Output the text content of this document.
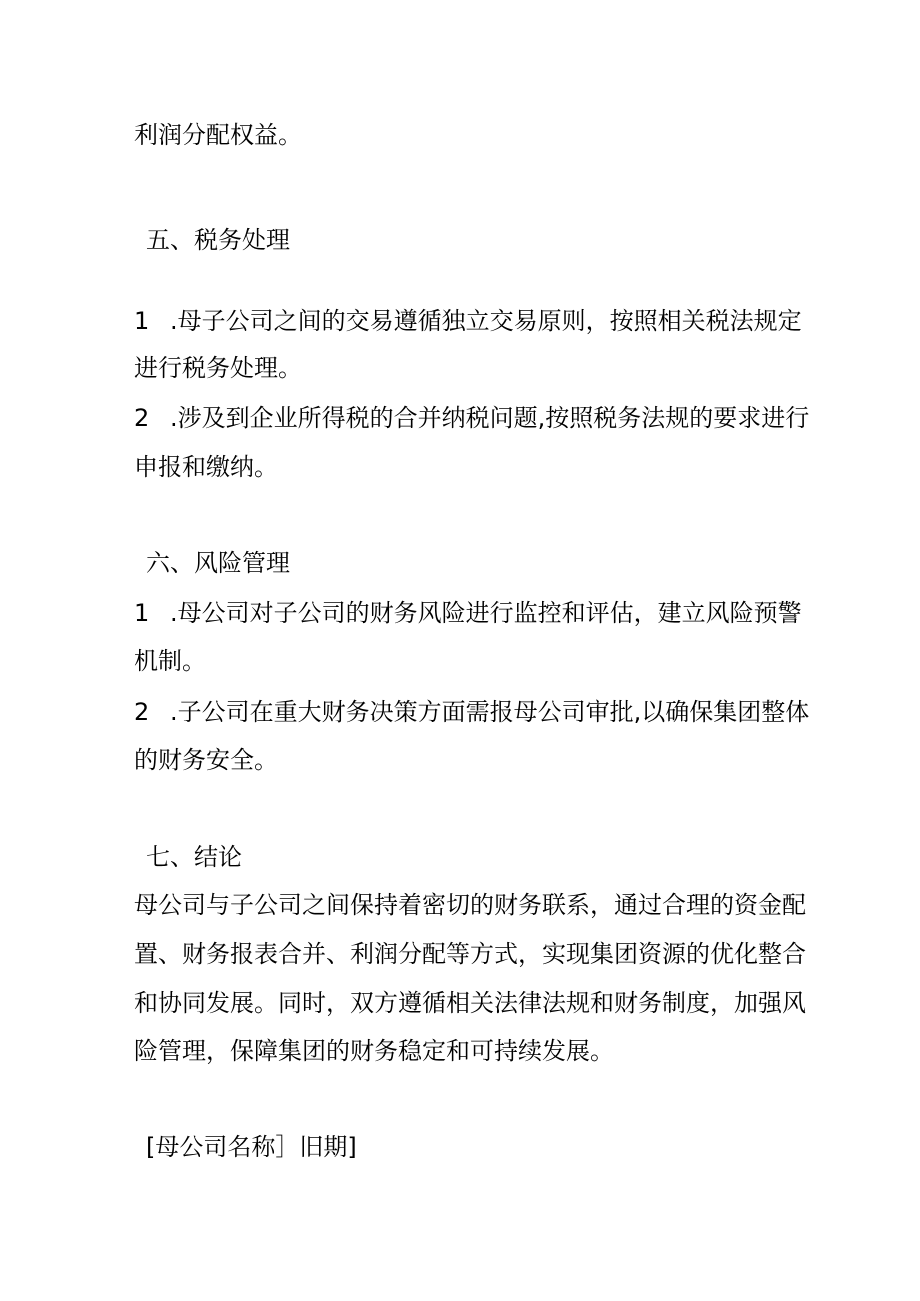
利润分配权益。
五、税务处理
1 .母子公司之间的交易遵循独立交易原则，按照相关税法规定
进行税务处理。
2 .涉及到企业所得税的合并纳税问题,按照税务法规的要求进行
申报和缴纳。
六、风险管理
1 .母公司对子公司的财务风险进行监控和评估，建立风险预警
机制。
2 .子公司在重大财务决策方面需报母公司审批,以确保集团整体
的财务安全。
七、结论
母公司与子公司之间保持着密切的财务联系，通过合理的资金配
置、财务报表合并、利润分配等方式，实现集团资源的优化整合
和协同发展。同时，双方遵循相关法律法规和财务制度，加强风
险管理，保障集团的财务稳定和可持续发展。
[母公司名称］旧期]
